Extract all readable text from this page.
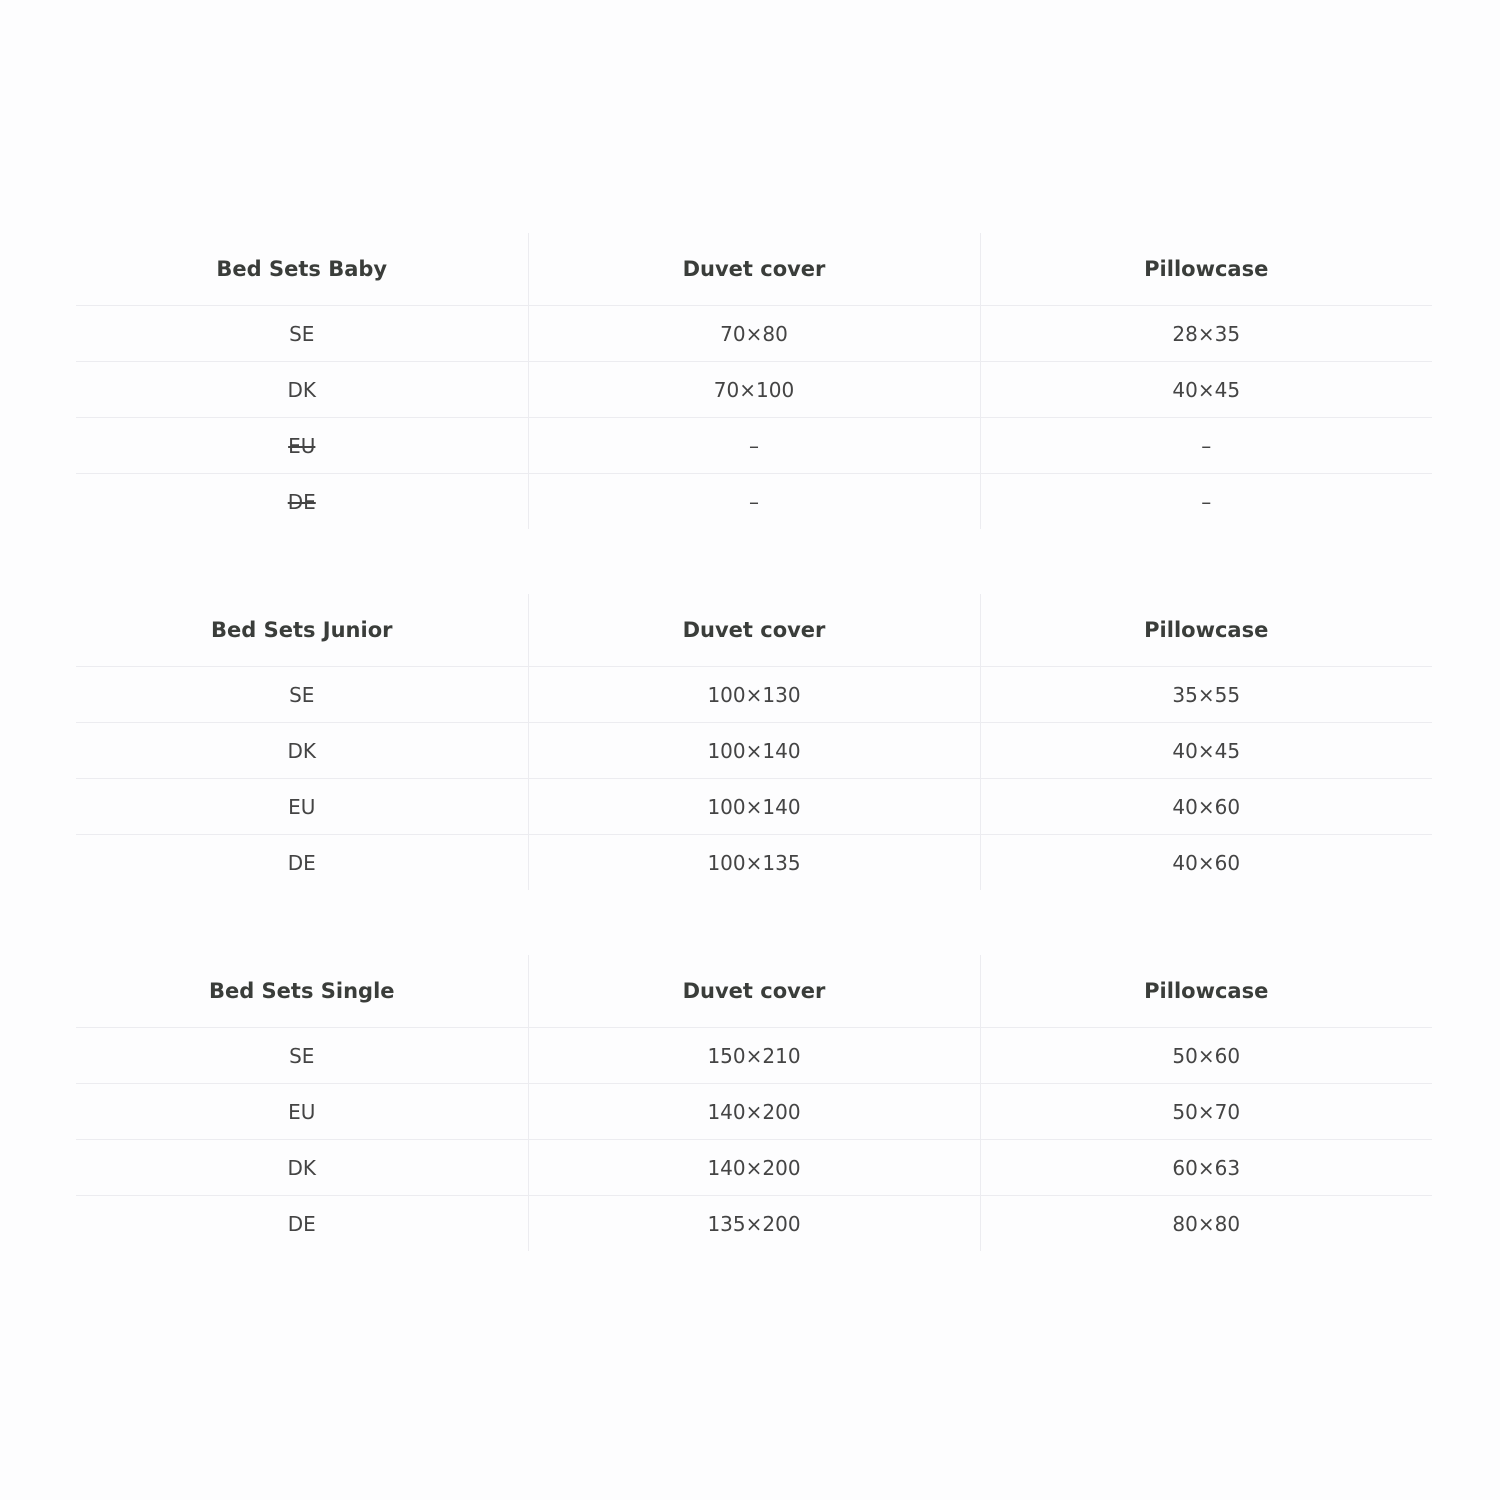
Bed Sets Baby	Duvet cover	Pillowcase
SE	70×80	28×35
DK	70×100	40×45
EU	–	–
DE	–	–
Bed Sets Junior	Duvet cover	Pillowcase
SE	100×130	35×55
DK	100×140	40×45
EU	100×140	40×60
DE	100×135	40×60
Bed Sets Single	Duvet cover	Pillowcase
SE	150×210	50×60
EU	140×200	50×70
DK	140×200	60×63
DE	135×200	80×80
